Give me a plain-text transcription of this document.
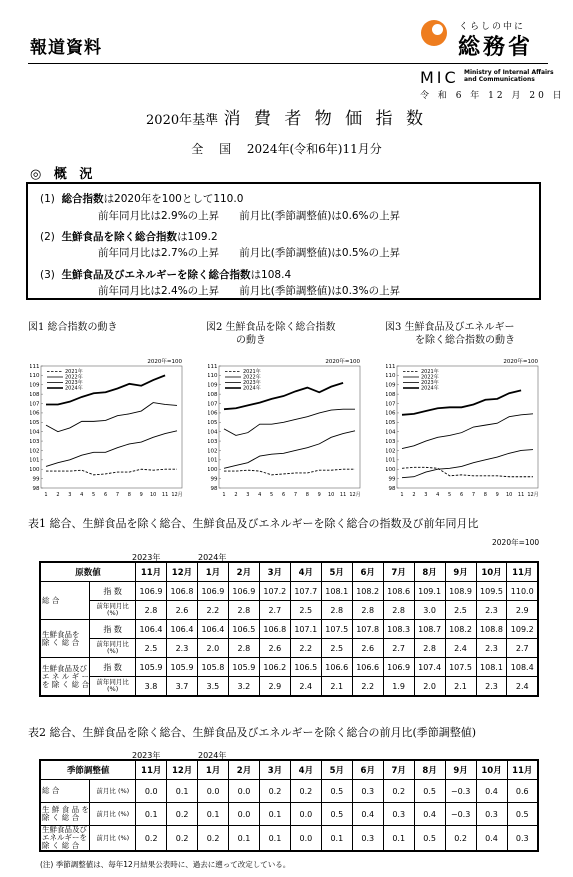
報道資料
くらしの中に
総務省
MIC Ministry of Internal Affairs
and Communications
令 和 6 年 12 月 20 日
2020年基準 消 費 者 物 価 指 数
全 国 2024年(令和6年)11月分
◎ 概 況
(1) 総合指数は2020年を100として110.0
前年同月比は2.9%の上昇 前月比(季節調整値)は0.6%の上昇
(2) 生鮮食品を除く総合指数は109.2
前年同月比は2.7%の上昇 前月比(季節調整値)は0.5%の上昇
(3) 生鮮食品及びエネルギーを除く総合指数は108.4
前年同月比は2.4%の上昇 前月比(季節調整値)は0.3%の上昇
図1 総合指数の動き	図2 生鮮食品を除く総合指数
の動き
図3 生鮮食品及びエネルギー
を除く総合指数の動き
2020年=100
98
99
100
101
102
103
104
105
106
107
108
109
110
111
1 2 3 4 5 6 7 8 9 10 11 12月
2021年
2022年
2023年
2024年
2020年=100
98
99
100
101
102
103
104
105
106
107
108
109
110
111
1 2 3 4 5 6 7 8 9 10 11 12月
2021年
2022年
2023年
2024年
2020年=100
98
99
100
101
102
103
104
105
106
107
108
109
110
111
1 2 3 4 5 6 7 8 9 10 11 12月
2021年
2022年
2023年
2024年
表1 総合、生鮮食品を除く総合、生鮮食品及びエネルギーを除く総合の指数及び前年同月比
2020年=100
2023年	2024年
原数値		11月	12月	1月	2月	3月	4月	5月	6月	7月	8月	9月	10月	11月
総 合	指 数	106.9	106.8	106.9	106.9	107.2	107.7	108.1	108.2	108.6	109.1	108.9	109.5	110.0
	前年同月比 (%)	2.8	2.6	2.2	2.8	2.7	2.5	2.8	2.8	2.8	3.0	2.5	2.3	2.9
生鮮食品を 除 く 総 合	指 数	106.4	106.4	106.4	106.5	106.8	107.1	107.5	107.8	108.3	108.7	108.2	108.8	109.2
	前年同月比 (%)	2.5	2.3	2.0	2.8	2.6	2.2	2.5	2.6	2.7	2.8	2.4	2.3	2.7
生鮮食品及び エ ネ ル ギ ー を 除 く 総 合	指 数	105.9	105.9	105.8	105.9	106.2	106.5	106.6	106.6	106.9	107.4	107.5	108.1	108.4
	前年同月比 (%)	3.8	3.7	3.5	3.2	2.9	2.4	2.1	2.2	1.9	2.0	2.1	2.3	2.4
表2 総合、生鮮食品を除く総合、生鮮食品及びエネルギーを除く総合の前月比(季節調整値)
2023年	2024年
季節調整値		11月	12月	1月	2月	3月	4月	5月	6月	7月	8月	9月	10月	11月
総 合	前月比 (%)	0.0	0.1	0.0	0.0	0.2	0.2	0.5	0.3	0.2	0.5	−0.3	0.4	0.6
生 鮮 食 品 を 除 く 総 合	前月比 (%)	0.1	0.2	0.1	0.0	0.1	0.0	0.5	0.4	0.3	0.4	−0.3	0.3	0.5
生鮮食品及び エネルギーを 除 く 総 合	前月比 (%)	0.2	0.2	0.2	0.1	0.1	0.0	0.1	0.3	0.1	0.5	0.2	0.4	0.3
(注) 季節調整値は、毎年12月結果公表時に、過去に遡って改定している。
